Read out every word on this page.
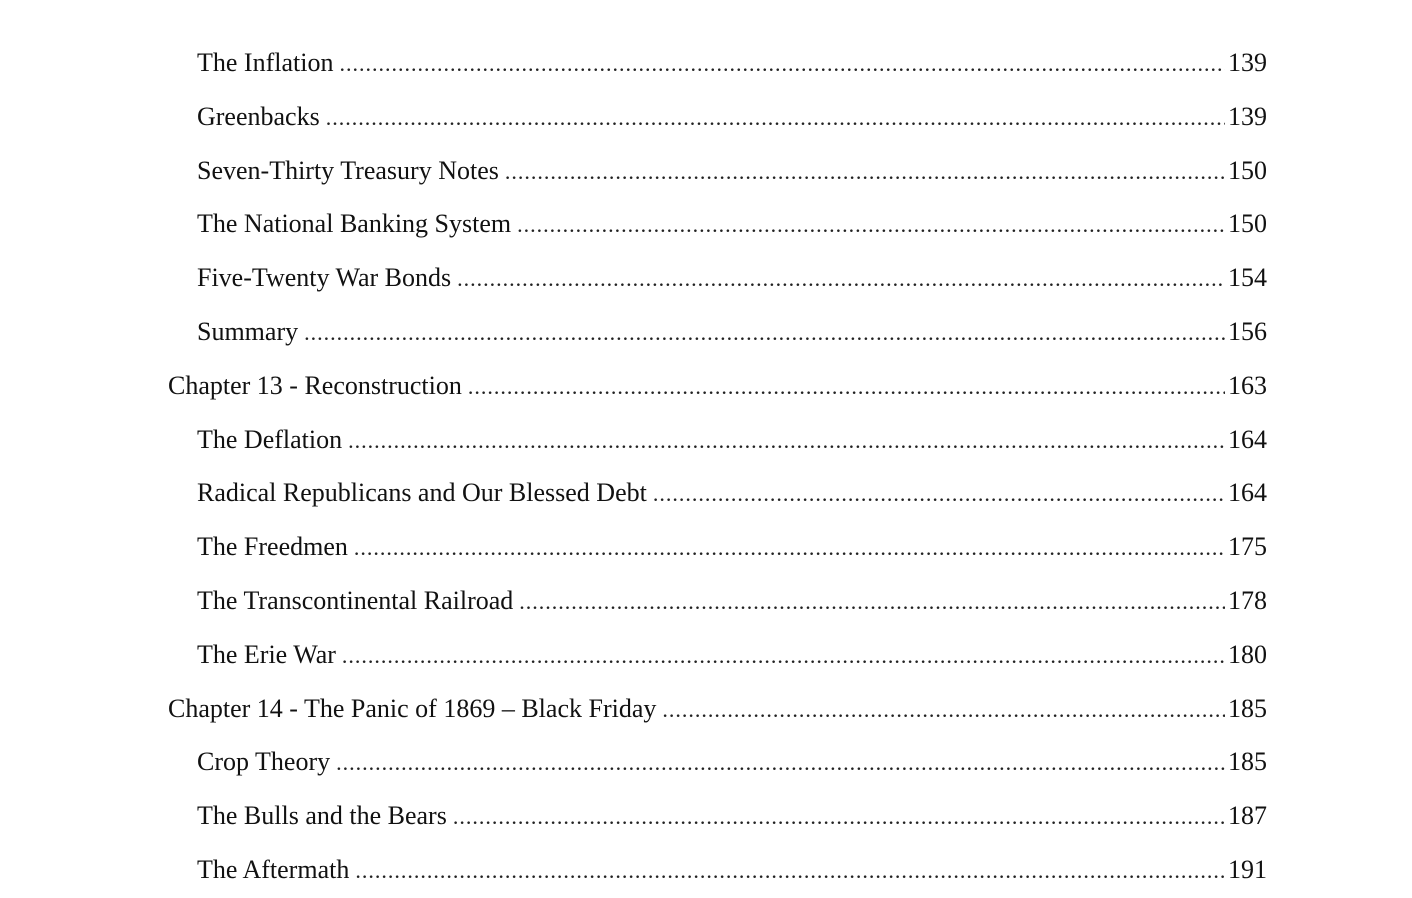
The Inflation .....	139
Greenbacks .....	139
Seven-Thirty Treasury Notes .....	150
The National Banking System .....	150
Five-Twenty War Bonds .....	154
Summary .....	156
Chapter 13 - Reconstruction .....	163
The Deflation .....	164
Radical Republicans and Our Blessed Debt .....	164
The Freedmen .....	175
The Transcontinental Railroad .....	178
The Erie War .....	180
Chapter 14 - The Panic of 1869 – Black Friday .....	185
Crop Theory .....	185
The Bulls and the Bears .....	187
The Aftermath .....	191
